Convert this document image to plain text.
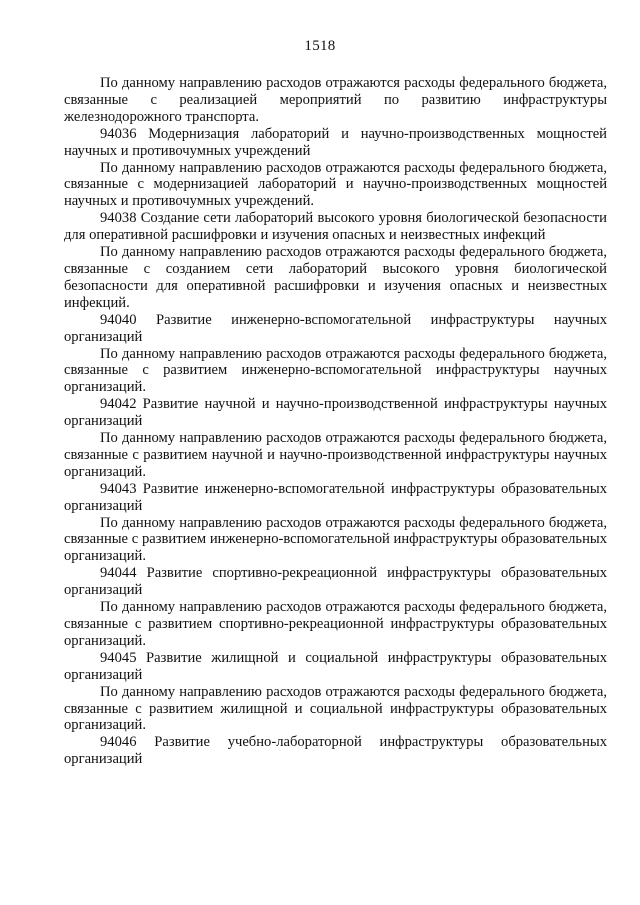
1518

По данному направлению расходов отражаются расходы федерального бюджета, связанные с реализацией мероприятий по развитию инфраструктуры железнодорожного транспорта.

94036 Модернизация лабораторий и научно-производственных мощностей научных и противочумных учреждений

По данному направлению расходов отражаются расходы федерального бюджета, связанные с модернизацией лабораторий и научно-производственных мощностей научных и противочумных учреждений.

94038 Создание сети лабораторий высокого уровня биологической безопасности для оперативной расшифровки и изучения опасных и неизвестных инфекций

По данному направлению расходов отражаются расходы федерального бюджета, связанные с созданием сети лабораторий высокого уровня биологической безопасности для оперативной расшифровки и изучения опасных и неизвестных инфекций.

94040 Развитие инженерно-вспомогательной инфраструктуры научных организаций

По данному направлению расходов отражаются расходы федерального бюджета, связанные с развитием инженерно-вспомогательной инфраструктуры научных организаций.

94042 Развитие научной и научно-производственной инфраструктуры научных организаций

По данному направлению расходов отражаются расходы федерального бюджета, связанные с развитием научной и научно-производственной инфраструктуры научных организаций.

94043 Развитие инженерно-вспомогательной инфраструктуры образовательных организаций

По данному направлению расходов отражаются расходы федерального бюджета, связанные с развитием инженерно-вспомогательной инфраструктуры образовательных организаций.

94044 Развитие спортивно-рекреационной инфраструктуры образовательных организаций

По данному направлению расходов отражаются расходы федерального бюджета, связанные с развитием спортивно-рекреационной инфраструктуры образовательных организаций.

94045 Развитие жилищной и социальной инфраструктуры образовательных организаций

По данному направлению расходов отражаются расходы федерального бюджета, связанные с развитием жилищной и социальной инфраструктуры образовательных организаций.

94046 Развитие учебно-лабораторной инфраструктуры образовательных организаций
